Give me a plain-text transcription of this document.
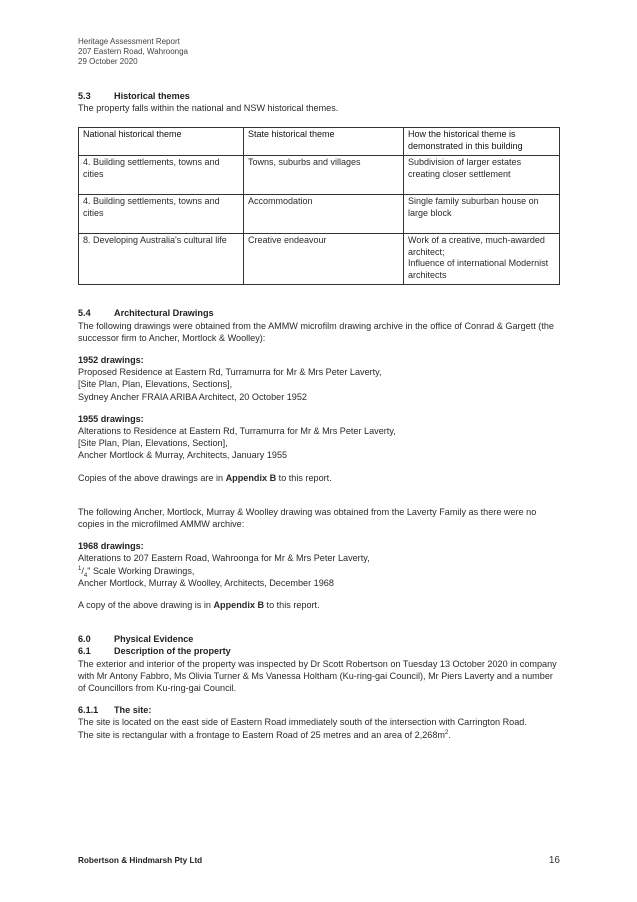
Heritage Assessment Report
207 Eastern Road, Wahroonga
29 October 2020
5.3	Historical themes

The property falls within the national and NSW historical themes.

National historical theme	State historical theme	How the historical theme is demonstrated in this building
4. Building settlements, towns and cities	Towns, suburbs and villages	Subdivision of larger estates creating closer settlement
4. Building settlements, towns and cities	Accommodation	Single family suburban house on large block
8. Developing Australia's cultural life	Creative endeavour	Work of a creative, much-awarded architect;
Influence of international Modernist architects
5.4	Architectural Drawings

The following drawings were obtained from the AMMW microfilm drawing archive in the office of Conrad & Gargett (the successor firm to Ancher, Mortlock & Woolley):

1952 drawings:

Proposed Residence at Eastern Rd, Turramurra for Mr & Mrs Peter Laverty,

[Site Plan, Plan, Elevations, Sections],

Sydney Ancher FRAIA ARIBA Architect, 20 October 1952

1955 drawings:

Alterations to Residence at Eastern Rd, Turramurra for Mr & Mrs Peter Laverty,

[Site Plan, Plan, Elevations, Section],

Ancher Mortlock & Murray, Architects, January 1955

Copies of the above drawings are in Appendix B to this report.

The following Ancher, Mortlock, Murray & Woolley drawing was obtained from the Laverty Family as there were no copies in the microfilmed AMMW archive:

1968 drawings:

Alterations to 207 Eastern Road, Wahroonga for Mr & Mrs Peter Laverty,

$^1/_4$" Scale Working Drawings,

Ancher Mortlock, Murray & Woolley, Architects, December 1968

A copy of the above drawing is in Appendix B to this report.

6.0	Physical Evidence
6.1	Description of the property

The exterior and interior of the property was inspected by Dr Scott Robertson on Tuesday 13 October 2020 in company with Mr Antony Fabbro, Ms Olivia Turner & Ms Vanessa Holtham (Ku-ring-gai Council), Mr Piers Laverty and a number of Councillors from Ku-ring-gai Council.

6.1.1	The site:

The site is located on the east side of Eastern Road immediately south of the intersection with Carrington Road.

The site is rectangular with a frontage to Eastern Road of 25 metres and an area of $2,268m^2$.

Robertson & Hindmarsh Pty Ltd	16
